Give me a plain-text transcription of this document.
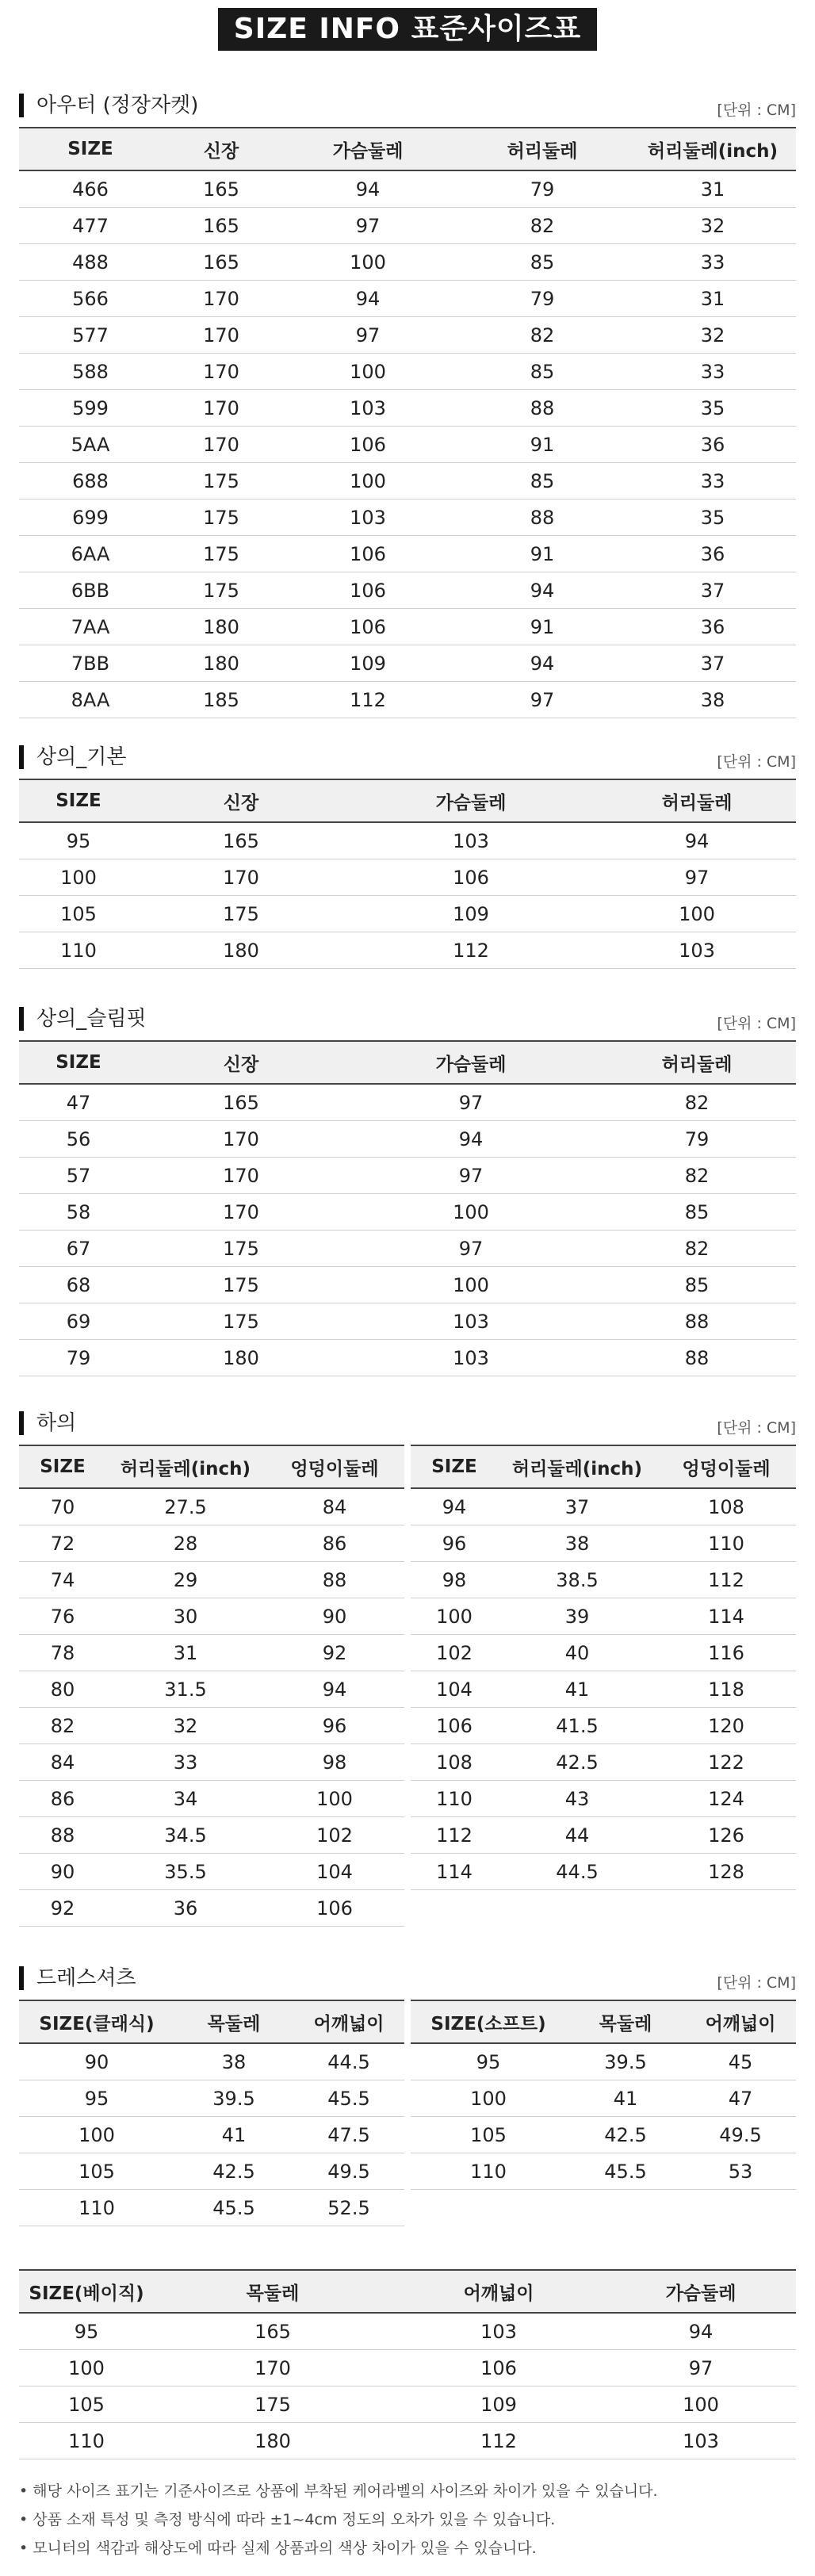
SIZE INFO 표준사이즈표
아우터 (정장자켓)	[단위 : CM]
SIZE	신장	가슴둘레	허리둘레	허리둘레(inch)
466	165	94	79	31
477	165	97	82	32
488	165	100	85	33
566	170	94	79	31
577	170	97	82	32
588	170	100	85	33
599	170	103	88	35
5AA	170	106	91	36
688	175	100	85	33
699	175	103	88	35
6AA	175	106	91	36
6BB	175	106	94	37
7AA	180	106	91	36
7BB	180	109	94	37
8AA	185	112	97	38
상의_기본	[단위 : CM]
SIZE	신장	가슴둘레	허리둘레
95	165	103	94
100	170	106	97
105	175	109	100
110	180	112	103
상의_슬림핏	[단위 : CM]
SIZE	신장	가슴둘레	허리둘레
47	165	97	82
56	170	94	79
57	170	97	82
58	170	100	85
67	175	97	82
68	175	100	85
69	175	103	88
79	180	103	88
하의	[단위 : CM]
SIZE	허리둘레(inch)	엉덩이둘레
70	27.5	84
72	28	86
74	29	88
76	30	90
78	31	92
80	31.5	94
82	32	96
84	33	98
86	34	100
88	34.5	102
90	35.5	104
92	36	106
SIZE	허리둘레(inch)	엉덩이둘레
94	37	108
96	38	110
98	38.5	112
100	39	114
102	40	116
104	41	118
106	41.5	120
108	42.5	122
110	43	124
112	44	126
114	44.5	128
드레스셔츠	[단위 : CM]
SIZE(클래식)	목둘레	어깨넓이
90	38	44.5
95	39.5	45.5
100	41	47.5
105	42.5	49.5
110	45.5	52.5
SIZE(소프트)	목둘레	어깨넓이
95	39.5	45
100	41	47
105	42.5	49.5
110	45.5	53
SIZE(베이직)	목둘레	어깨넓이	가슴둘레
95	165	103	94
100	170	106	97
105	175	109	100
110	180	112	103
• 해당 사이즈 표기는 기준사이즈로 상품에 부착된 케어라벨의 사이즈와 차이가 있을 수 있습니다.
• 상품 소재 특성 및 측정 방식에 따라 ±1~4cm 정도의 오차가 있을 수 있습니다.
• 모니터의 색감과 해상도에 따라 실제 상품과의 색상 차이가 있을 수 있습니다.
